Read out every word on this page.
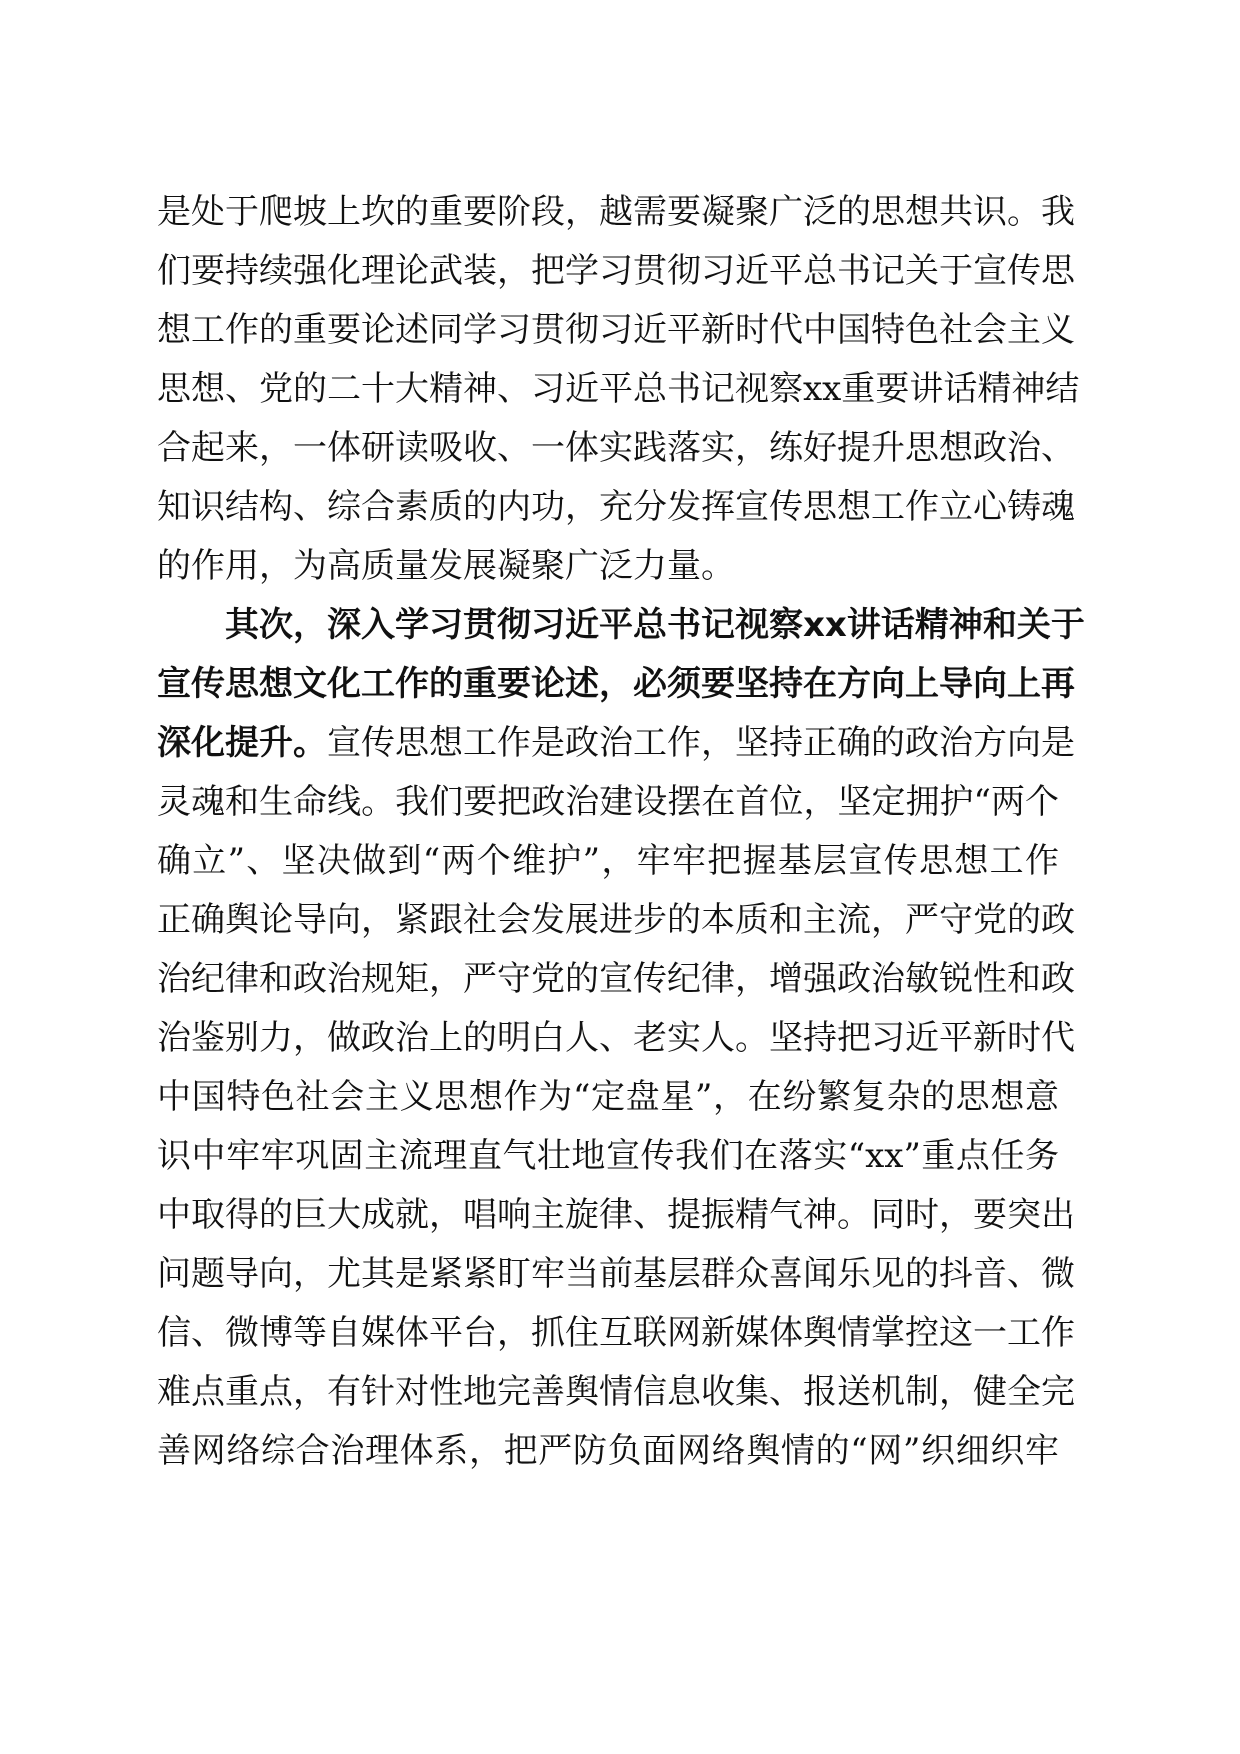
是处于爬坡上坎的重要阶段，越需要凝聚广泛的思想共识。我
们要持续强化理论武装，把学习贯彻习近平总书记关于宣传思
想工作的重要论述同学习贯彻习近平新时代中国特色社会主义
思想、党的二十大精神、习近平总书记视察xx重要讲话精神结
合起来，一体研读吸收、一体实践落实，练好提升思想政治、
知识结构、综合素质的内功，充分发挥宣传思想工作立心铸魂
的作用，为高质量发展凝聚广泛力量。
其次，深入学习贯彻习近平总书记视察xx讲话精神和关于
宣传思想文化工作的重要论述，必须要坚持在方向上导向上再
深化提升。宣传思想工作是政治工作，坚持正确的政治方向是
灵魂和生命线。我们要把政治建设摆在首位，坚定拥护“两个
确立”、坚决做到“两个维护”，牢牢把握基层宣传思想工作
正确舆论导向，紧跟社会发展进步的本质和主流，严守党的政
治纪律和政治规矩，严守党的宣传纪律，增强政治敏锐性和政
治鉴别力，做政治上的明白人、老实人。坚持把习近平新时代
中国特色社会主义思想作为“定盘星”，在纷繁复杂的思想意
识中牢牢巩固主流理直气壮地宣传我们在落实“xx”重点任务
中取得的巨大成就，唱响主旋律、提振精气神。同时，要突出
问题导向，尤其是紧紧盯牢当前基层群众喜闻乐见的抖音、微
信、微博等自媒体平台，抓住互联网新媒体舆情掌控这一工作
难点重点，有针对性地完善舆情信息收集、报送机制，健全完
善网络综合治理体系，把严防负面网络舆情的“网”织细织牢
